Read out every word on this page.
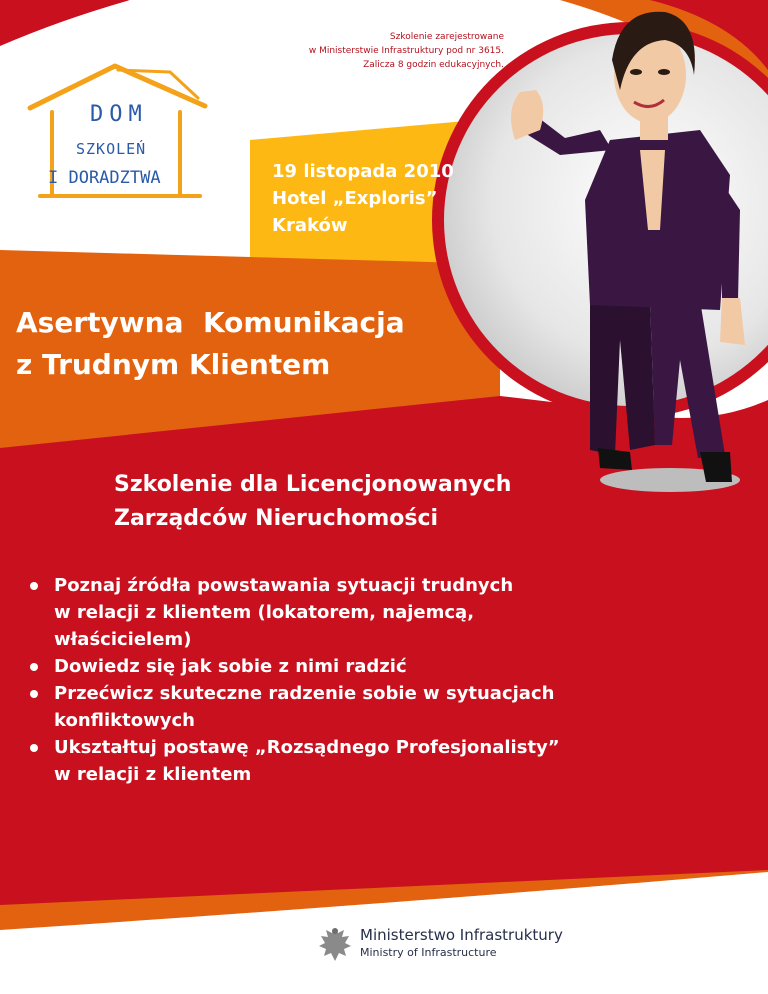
DOM
SZKOLEŃ
I DORADZTWA
Szkolenie zarejestrowane
w Ministerstwie Infrastruktury pod nr 3615.
Zalicza 8 godzin edukacyjnych.
19 listopada 2010
Hotel „Exploris”
Kraków
Asertywna  Komunikacja
z Trudnym Klientem
Szkolenie dla Licencjonowanych
Zarządców Nieruchomości
Poznaj źródła powstawania sytuacji trudnych
w relacji z klientem (lokatorem, najemcą,
właścicielem)
Dowiedz się jak sobie z nimi radzić
Przećwicz skuteczne radzenie sobie w sytuacjach
konfliktowych
Ukształtuj postawę „Rozsądnego Profesjonalisty”
w relacji z klientem
Ministerstwo Infrastruktury
Ministry of Infrastructure
